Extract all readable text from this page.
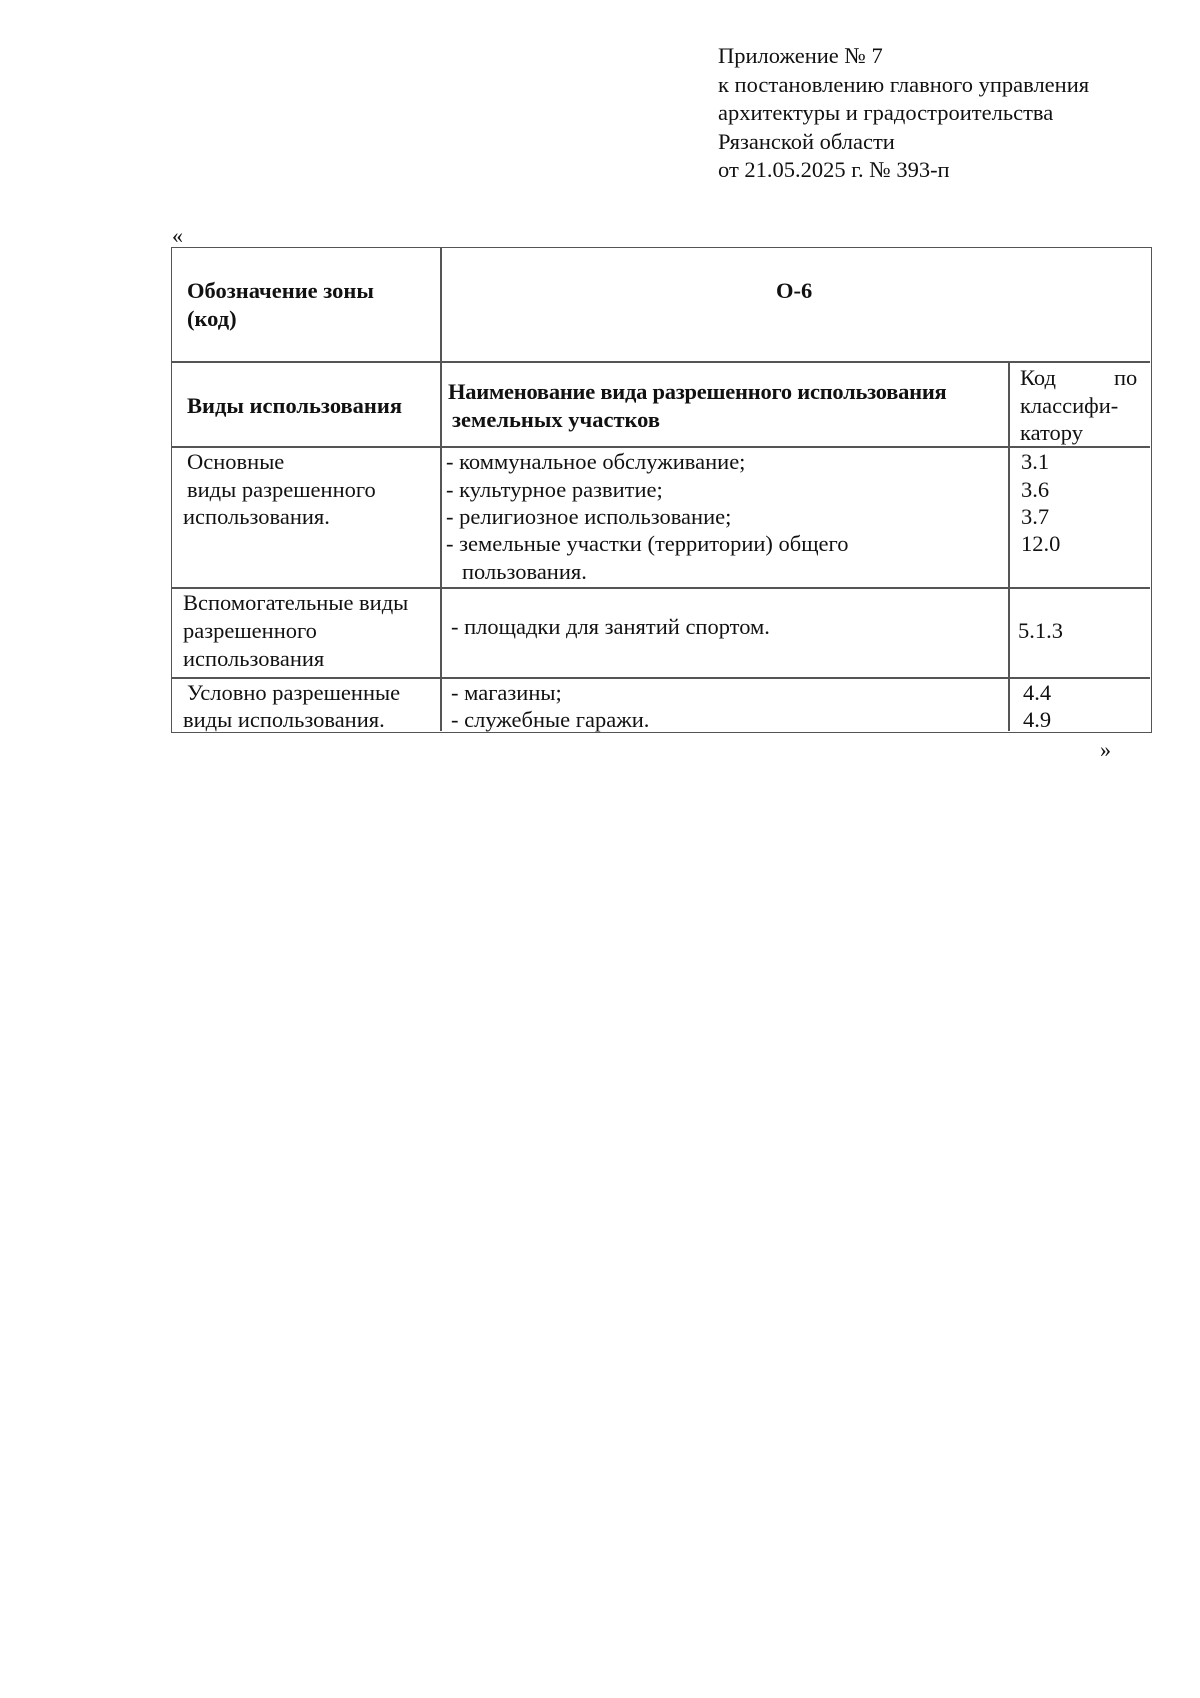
Приложение № 7
к постановлению главного управления
архитектуры и градостроительства
Рязанской области
от 21.05.2025 г. № 393-п
«
Обозначение зоны
(код)
О-6
Виды использования
Наименование вида разрешенного использования
земельных участков
Код	по
классифи-
катору
Основные
виды разрешенного
использования.
- коммунальное обслуживание;
- культурное развитие;
- религиозное использование;
- земельные участки (территории) общего
пользования.
3.1
3.6
3.7
12.0
Вспомогательные виды
разрешенного
использования
- площадки для занятий спортом.	5.1.3
Условно разрешенные
виды использования.
- магазины;
- служебные гаражи.
4.4
4.9
»
